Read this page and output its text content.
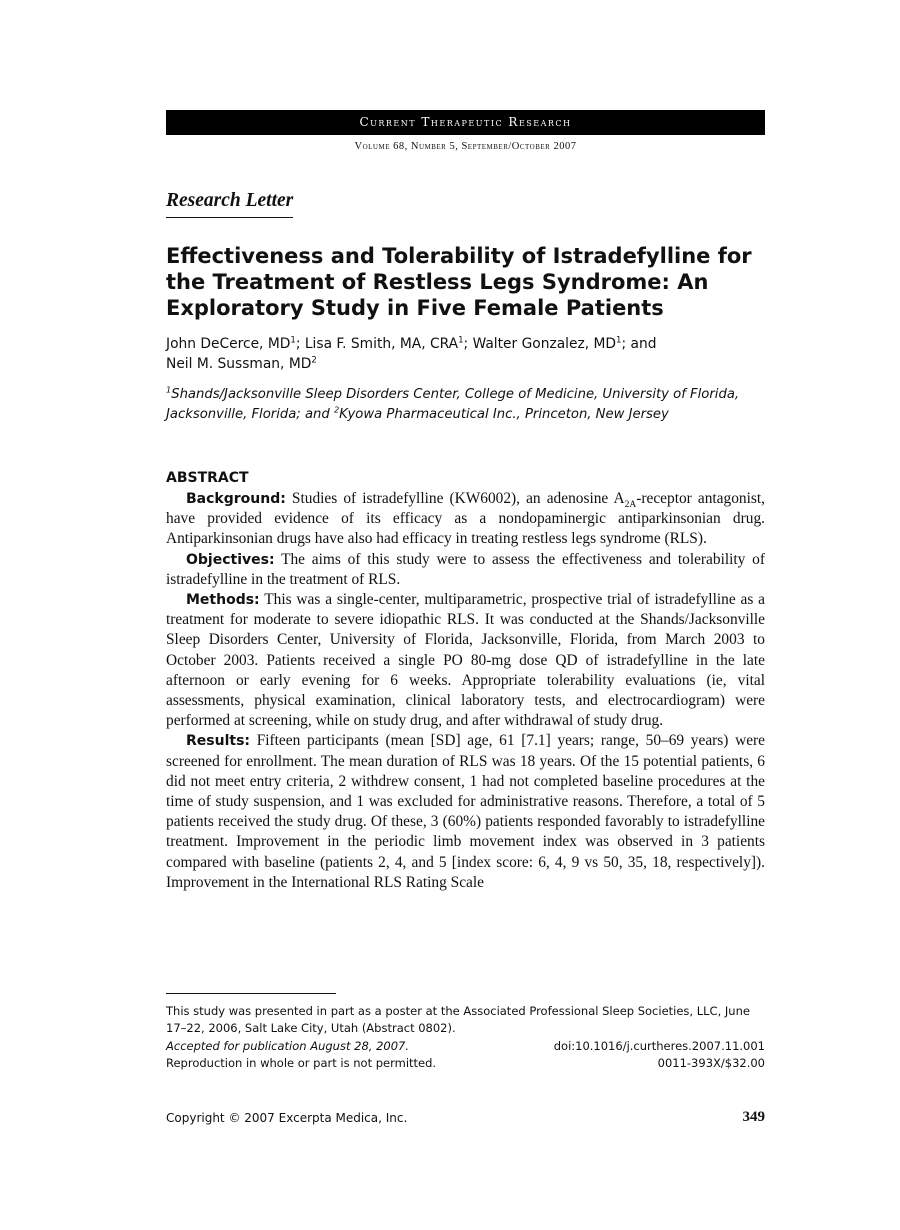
Current Therapeutic Research
Volume 68, Number 5, September/October 2007
Research Letter
Effectiveness and Tolerability of Istradefylline for the Treatment of Restless Legs Syndrome: An Exploratory Study in Five Female Patients
John DeCerce, $MD^1$; Lisa F. Smith, MA, CRA$^1$; Walter Gonzalez, $MD^1$; and
Neil M. Sussman, $MD^2$
$^1$Shands/Jacksonville Sleep Disorders Center, College of Medicine, University of Florida, Jacksonville, Florida; and $^2$Kyowa Pharmaceutical Inc., Princeton, New Jersey
ABSTRACT

Background: Studies of istradefylline (KW6002), an adenosine $A_{2A}$-receptor antagonist, have provided evidence of its efficacy as a nondopaminergic antiparkinsonian drug. Antiparkinsonian drugs have also had efficacy in treating restless legs syndrome (RLS).

Objectives: The aims of this study were to assess the effectiveness and tolerability of istradefylline in the treatment of RLS.

Methods: This was a single-center, multiparametric, prospective trial of istradefylline as a treatment for moderate to severe idiopathic RLS. It was conducted at the Shands/Jacksonville Sleep Disorders Center, University of Florida, Jacksonville, Florida, from March 2003 to October 2003. Patients received a single PO 80-mg dose QD of istradefylline in the late afternoon or early evening for 6 weeks. Appropriate tolerability evaluations (ie, vital assessments, physical examination, clinical laboratory tests, and electrocardiogram) were performed at screening, while on study drug, and after withdrawal of study drug.

Results: Fifteen participants (mean [SD] age, 61 [7.1] years; range, 50–69 years) were screened for enrollment. The mean duration of RLS was 18 years. Of the 15 potential patients, 6 did not meet entry criteria, 2 withdrew consent, 1 had not completed baseline procedures at the time of study suspension, and 1 was excluded for administrative reasons. Therefore, a total of 5 patients received the study drug. Of these, 3 (60%) patients responded favorably to istradefylline treatment. Improvement in the periodic limb movement index was observed in 3 patients compared with baseline (patients 2, 4, and 5 [index score: 6, 4, 9 vs 50, 35, 18, respectively]). Improvement in the International RLS Rating Scale

This study was presented in part as a poster at the Associated Professional Sleep Societies, LLC, June 17–22, 2006, Salt Lake City, Utah (Abstract 0802).
Accepted for publication August 28, 2007.	doi:10.1016/j.curtheres.2007.11.001
Reproduction in whole or part is not permitted.	0011-393X/$32.00
Copyright © 2007 Excerpta Medica, Inc.	349
